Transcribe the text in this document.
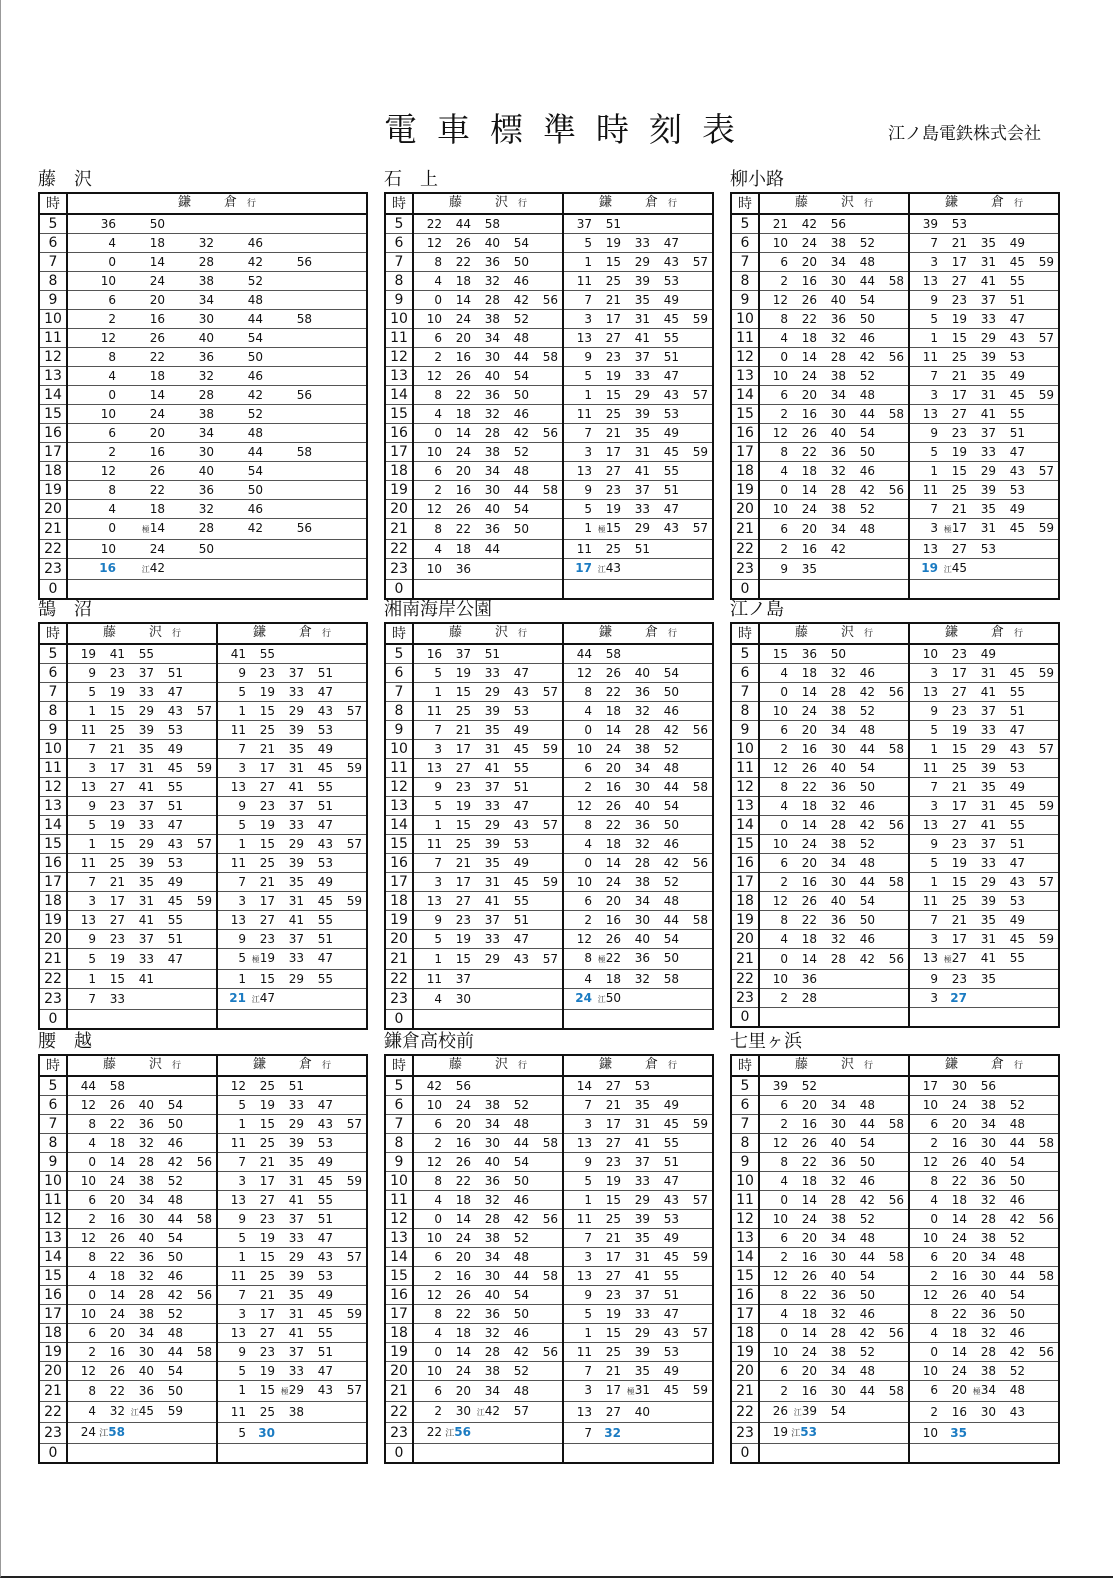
電車標準時刻表	江ノ島電鉄株式会社
藤　沢
時	鎌　倉行
5	36 50
6	4 18 32 46
7	0 14 28 42 56
8	10 24 38 52
9	6 20 34 48
10	2 16 30 44 58
11	12 26 40 54
12	8 22 36 50
13	4 18 32 46
14	0 14 28 42 56
15	10 24 38 52
16	6 20 34 48
17	2 16 30 44 58
18	12 26 40 54
19	8 22 36 50
20	4 18 32 46
21	0 極14 28 42 56
22	10 24 50
23	16 江42
0	
石　上
時	藤　沢行	鎌　倉行
5	22 44 58	37 51
6	12 26 40 54	5 19 33 47
7	8 22 36 50	1 15 29 43 57
8	4 18 32 46	11 25 39 53
9	0 14 28 42 56	7 21 35 49
10	10 24 38 52	3 17 31 45 59
11	6 20 34 48	13 27 41 55
12	2 16 30 44 58	9 23 37 51
13	12 26 40 54	5 19 33 47
14	8 22 36 50	1 15 29 43 57
15	4 18 32 46	11 25 39 53
16	0 14 28 42 56	7 21 35 49
17	10 24 38 52	3 17 31 45 59
18	6 20 34 48	13 27 41 55
19	2 16 30 44 58	9 23 37 51
20	12 26 40 54	5 19 33 47
21	8 22 36 50	1 極15 29 43 57
22	4 18 44	11 25 51
23	10 36	17 江43
0		
柳小路
時	藤　沢行	鎌　倉行
5	21 42 56	39 53
6	10 24 38 52	7 21 35 49
7	6 20 34 48	3 17 31 45 59
8	2 16 30 44 58	13 27 41 55
9	12 26 40 54	9 23 37 51
10	8 22 36 50	5 19 33 47
11	4 18 32 46	1 15 29 43 57
12	0 14 28 42 56	11 25 39 53
13	10 24 38 52	7 21 35 49
14	6 20 34 48	3 17 31 45 59
15	2 16 30 44 58	13 27 41 55
16	12 26 40 54	9 23 37 51
17	8 22 36 50	5 19 33 47
18	4 18 32 46	1 15 29 43 57
19	0 14 28 42 56	11 25 39 53
20	10 24 38 52	7 21 35 49
21	6 20 34 48	3 極17 31 45 59
22	2 16 42	13 27 53
23	9 35	19 江45
0		
鵠　沼
時	藤　沢行	鎌　倉行
5	19 41 55	41 55
6	9 23 37 51	9 23 37 51
7	5 19 33 47	5 19 33 47
8	1 15 29 43 57	1 15 29 43 57
9	11 25 39 53	11 25 39 53
10	7 21 35 49	7 21 35 49
11	3 17 31 45 59	3 17 31 45 59
12	13 27 41 55	13 27 41 55
13	9 23 37 51	9 23 37 51
14	5 19 33 47	5 19 33 47
15	1 15 29 43 57	1 15 29 43 57
16	11 25 39 53	11 25 39 53
17	7 21 35 49	7 21 35 49
18	3 17 31 45 59	3 17 31 45 59
19	13 27 41 55	13 27 41 55
20	9 23 37 51	9 23 37 51
21	5 19 33 47	5 極19 33 47
22	1 15 41	1 15 29 55
23	7 33	21 江47
0		
湘南海岸公園
時	藤　沢行	鎌　倉行
5	16 37 51	44 58
6	5 19 33 47	12 26 40 54
7	1 15 29 43 57	8 22 36 50
8	11 25 39 53	4 18 32 46
9	7 21 35 49	0 14 28 42 56
10	3 17 31 45 59	10 24 38 52
11	13 27 41 55	6 20 34 48
12	9 23 37 51	2 16 30 44 58
13	5 19 33 47	12 26 40 54
14	1 15 29 43 57	8 22 36 50
15	11 25 39 53	4 18 32 46
16	7 21 35 49	0 14 28 42 56
17	3 17 31 45 59	10 24 38 52
18	13 27 41 55	6 20 34 48
19	9 23 37 51	2 16 30 44 58
20	5 19 33 47	12 26 40 54
21	1 15 29 43 57	8 極22 36 50
22	11 37	4 18 32 58
23	4 30	24 江50
0		
江ノ島
時	藤　沢行	鎌　倉行
5	15 36 50	10 23 49
6	4 18 32 46	3 17 31 45 59
7	0 14 28 42 56	13 27 41 55
8	10 24 38 52	9 23 37 51
9	6 20 34 48	5 19 33 47
10	2 16 30 44 58	1 15 29 43 57
11	12 26 40 54	11 25 39 53
12	8 22 36 50	7 21 35 49
13	4 18 32 46	3 17 31 45 59
14	0 14 28 42 56	13 27 41 55
15	10 24 38 52	9 23 37 51
16	6 20 34 48	5 19 33 47
17	2 16 30 44 58	1 15 29 43 57
18	12 26 40 54	11 25 39 53
19	8 22 36 50	7 21 35 49
20	4 18 32 46	3 17 31 45 59
21	0 14 28 42 56	13 極27 41 55
22	10 36	9 23 35
23	2 28	3 27
0		
腰　越
時	藤　沢行	鎌　倉行
5	44 58	12 25 51
6	12 26 40 54	5 19 33 47
7	8 22 36 50	1 15 29 43 57
8	4 18 32 46	11 25 39 53
9	0 14 28 42 56	7 21 35 49
10	10 24 38 52	3 17 31 45 59
11	6 20 34 48	13 27 41 55
12	2 16 30 44 58	9 23 37 51
13	12 26 40 54	5 19 33 47
14	8 22 36 50	1 15 29 43 57
15	4 18 32 46	11 25 39 53
16	0 14 28 42 56	7 21 35 49
17	10 24 38 52	3 17 31 45 59
18	6 20 34 48	13 27 41 55
19	2 16 30 44 58	9 23 37 51
20	12 26 40 54	5 19 33 47
21	8 22 36 50	1 15 極29 43 57
22	4 32 江45 59	11 25 38
23	24 江58	5 30
0		
鎌倉高校前
時	藤　沢行	鎌　倉行
5	42 56	14 27 53
6	10 24 38 52	7 21 35 49
7	6 20 34 48	3 17 31 45 59
8	2 16 30 44 58	13 27 41 55
9	12 26 40 54	9 23 37 51
10	8 22 36 50	5 19 33 47
11	4 18 32 46	1 15 29 43 57
12	0 14 28 42 56	11 25 39 53
13	10 24 38 52	7 21 35 49
14	6 20 34 48	3 17 31 45 59
15	2 16 30 44 58	13 27 41 55
16	12 26 40 54	9 23 37 51
17	8 22 36 50	5 19 33 47
18	4 18 32 46	1 15 29 43 57
19	0 14 28 42 56	11 25 39 53
20	10 24 38 52	7 21 35 49
21	6 20 34 48	3 17 極31 45 59
22	2 30 江42 57	13 27 40
23	22 江56	7 32
0		
七里ヶ浜
時	藤　沢行	鎌　倉行
5	39 52	17 30 56
6	6 20 34 48	10 24 38 52
7	2 16 30 44 58	6 20 34 48
8	12 26 40 54	2 16 30 44 58
9	8 22 36 50	12 26 40 54
10	4 18 32 46	8 22 36 50
11	0 14 28 42 56	4 18 32 46
12	10 24 38 52	0 14 28 42 56
13	6 20 34 48	10 24 38 52
14	2 16 30 44 58	6 20 34 48
15	12 26 40 54	2 16 30 44 58
16	8 22 36 50	12 26 40 54
17	4 18 32 46	8 22 36 50
18	0 14 28 42 56	4 18 32 46
19	10 24 38 52	0 14 28 42 56
20	6 20 34 48	10 24 38 52
21	2 16 30 44 58	6 20 極34 48
22	26 江39 54	2 16 30 43
23	19 江53	10 35
0		
